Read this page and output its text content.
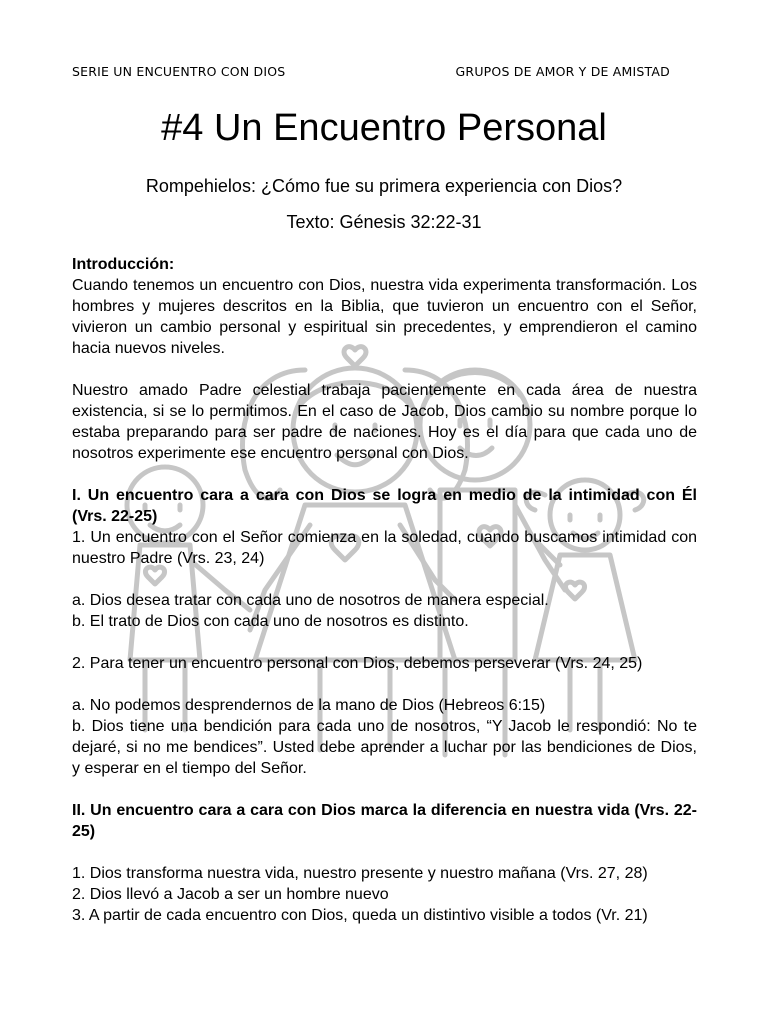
SERIE UN ENCUENTRO CON DIOS	GRUPOS DE AMOR Y DE AMISTAD
#4 Un Encuentro Personal
Rompehielos: ¿Cómo fue su primera experiencia con Dios?
Texto: Génesis 32:22-31

Introducción:

Cuando tenemos un encuentro con Dios, nuestra vida experimenta transformación. Los hombres y mujeres descritos en la Biblia, que tuvieron un encuentro con el Señor, vivieron un cambio personal y espiritual sin precedentes, y emprendieron el camino hacia nuevos niveles.

Nuestro amado Padre celestial trabaja pacientemente en cada área de nuestra existencia, si se lo permitimos. En el caso de Jacob, Dios cambio su nombre porque lo estaba preparando para ser padre de naciones. Hoy es el día para que cada uno de nosotros experimente ese encuentro personal con Dios.

I. Un encuentro cara a cara con Dios se logra en medio de la intimidad con Él (Vrs. 22-25)

1. Un encuentro con el Señor comienza en la soledad, cuando buscamos intimidad con nuestro Padre (Vrs. 23, 24)

a. Dios desea tratar con cada uno de nosotros de manera especial.

b. El trato de Dios con cada uno de nosotros es distinto.

2. Para tener un encuentro personal con Dios, debemos perseverar (Vrs. 24, 25)

a. No podemos desprendernos de la mano de Dios (Hebreos 6:15)

b. Dios tiene una bendición para cada uno de nosotros, “Y Jacob le respondió: No te dejaré, si no me bendices”. Usted debe aprender a luchar por las bendiciones de Dios, y esperar en el tiempo del Señor.

II. Un encuentro cara a cara con Dios marca la diferencia en nuestra vida (Vrs. 22-25)

1. Dios transforma nuestra vida, nuestro presente y nuestro mañana (Vrs. 27, 28)

2. Dios llevó a Jacob a ser un hombre nuevo

3. A partir de cada encuentro con Dios, queda un distintivo visible a todos (Vr. 21)
